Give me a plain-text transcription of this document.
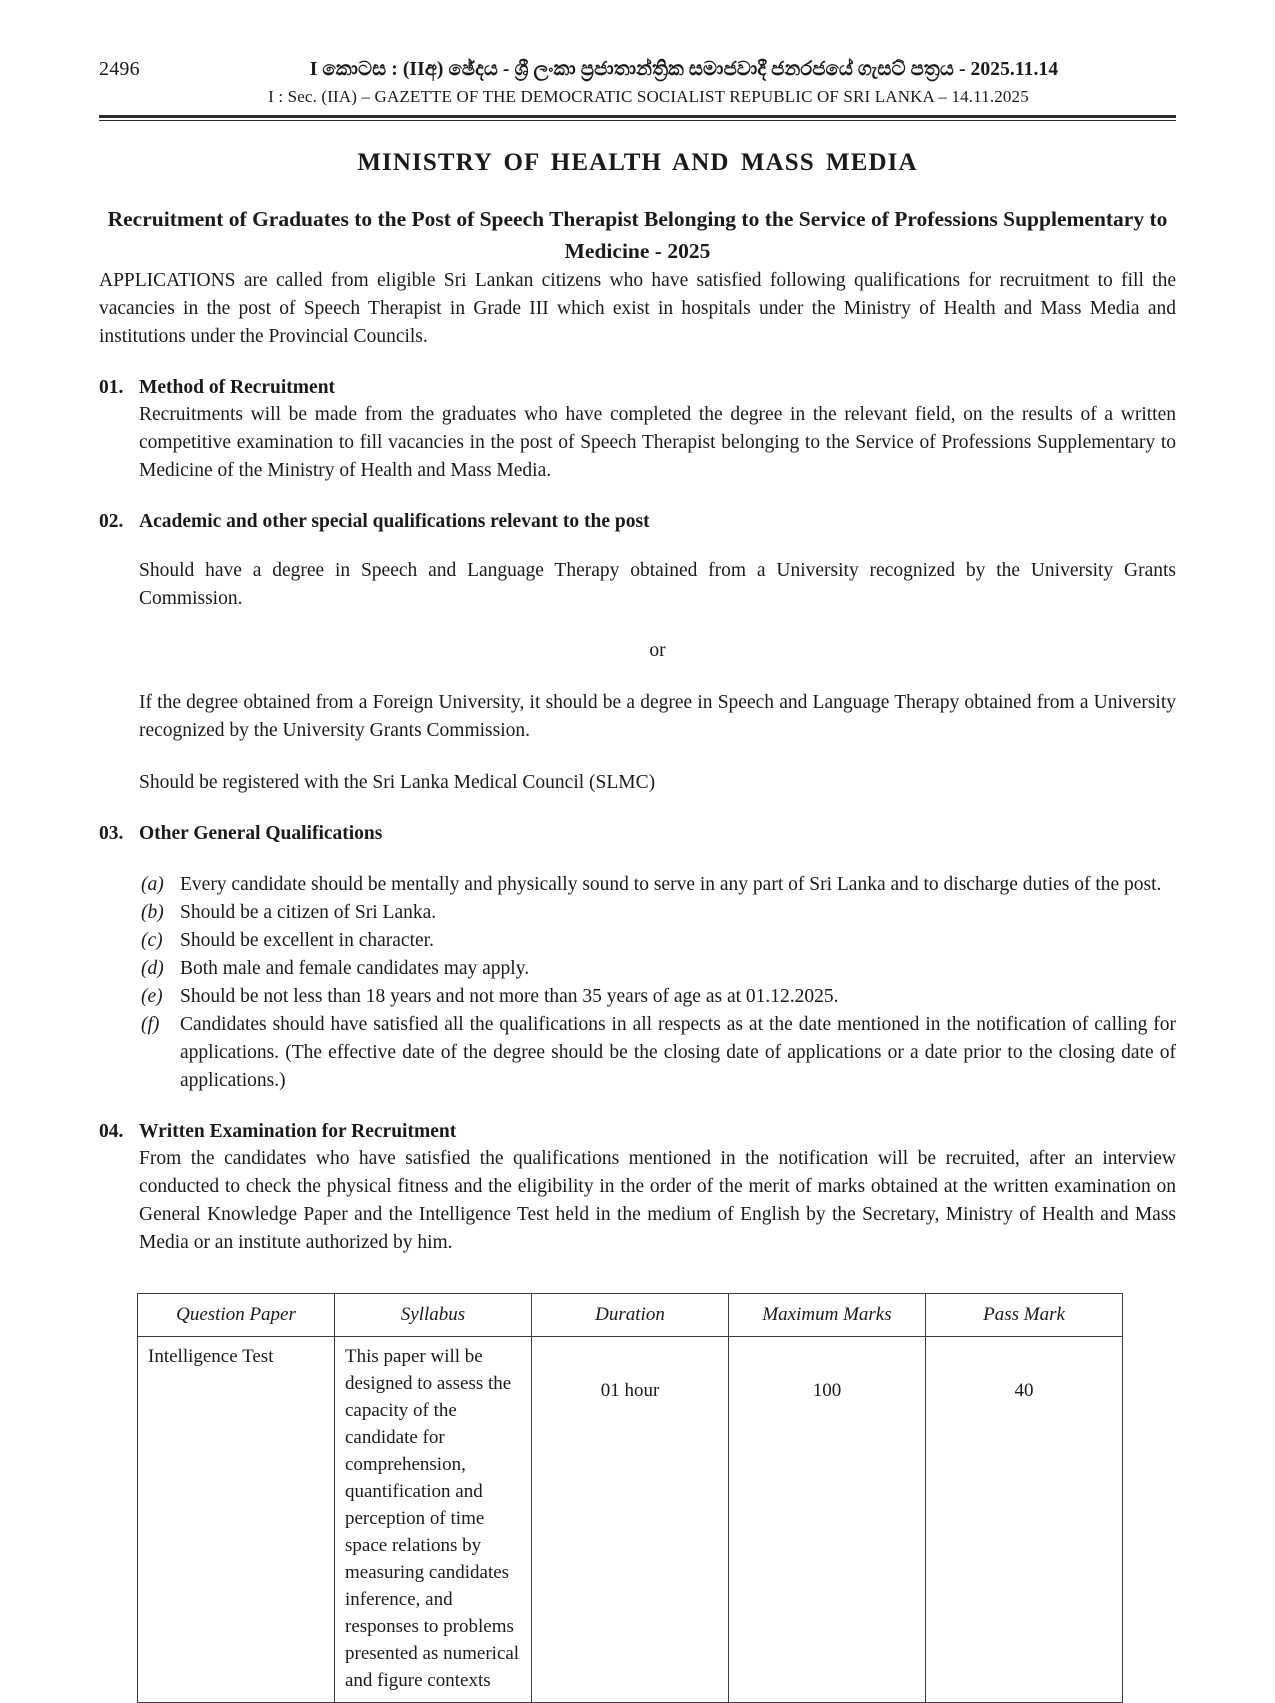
2496	I කොටස : (IIඅ) ඡේදය - ශ්‍රී ලංකා ප්‍රජාතාන්ත්‍රික සමාජවාදී ජනරජයේ ගැසට් පත්‍රය - 2025.11.14
I : Sec. (IIA) – GAZETTE OF THE DEMOCRATIC SOCIALIST REPUBLIC OF SRI LANKA – 14.11.2025
MINISTRY OF HEALTH AND MASS MEDIA
Recruitment of Graduates to the Post of Speech Therapist Belonging to the Service of Professions Supplementary to Medicine - 2025

APPLICATIONS are called from eligible Sri Lankan citizens who have satisfied following qualifications for recruitment to fill the vacancies in the post of Speech Therapist in Grade III which exist in hospitals under the Ministry of Health and Mass Media and institutions under the Provincial Councils.

01. Method of Recruitment

Recruitments will be made from the graduates who have completed the degree in the relevant field, on the results of a written competitive examination to fill vacancies in the post of Speech Therapist belonging to the Service of Professions Supplementary to Medicine of the Ministry of Health and Mass Media.

02. Academic and other special qualifications relevant to the post

Should have a degree in Speech and Language Therapy obtained from a University recognized by the University Grants Commission.

or

If the degree obtained from a Foreign University, it should be a degree in Speech and Language Therapy obtained from a University recognized by the University Grants Commission.

Should be registered with the Sri Lanka Medical Council (SLMC)

03. Other General Qualifications
(a) Every candidate should be mentally and physically sound to serve in any part of Sri Lanka and to discharge duties of the post.
(b) Should be a citizen of Sri Lanka.
(c) Should be excellent in character.
(d) Both male and female candidates may apply.
(e) Should be not less than 18 years and not more than 35 years of age as at 01.12.2025.
(f)	Candidates should have satisfied all the qualifications in all respects as at the date mentioned in the notification of calling for applications. (The effective date of the degree should be the closing date of applications or a date prior to the closing date of applications.)
04. Written Examination for Recruitment

From the candidates who have satisfied the qualifications mentioned in the notification will be recruited, after an interview conducted to check the physical fitness and the eligibility in the order of the merit of marks obtained at the written examination on General Knowledge Paper and the Intelligence Test held in the medium of English by the Secretary, Ministry of Health and Mass Media or an institute authorized by him.

Question Paper	Syllabus	Duration	Maximum Marks	Pass Mark
Intelligence Test	This paper will be designed to assess the capacity of the candidate for comprehension, quantification and perception of time space relations by measuring candidates inference, and responses to problems presented as numerical and figure contexts	01 hour	100	40
